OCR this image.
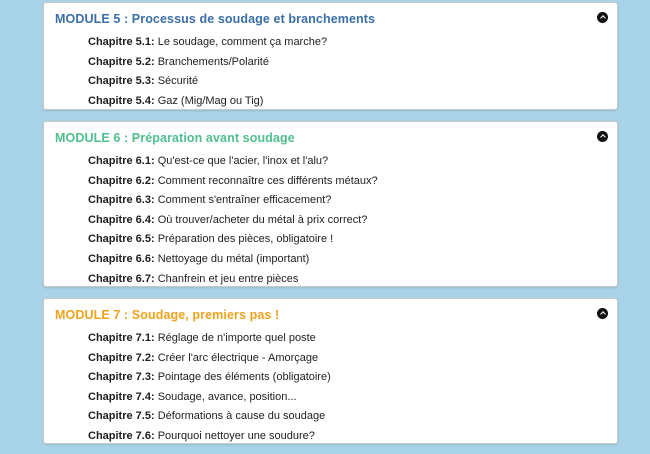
MODULE 5 : Processus de soudage et branchements
Chapitre 5.1: Le soudage, comment ça marche?
Chapitre 5.2: Branchements/Polarité
Chapitre 5.3: Sécurité
Chapitre 5.4: Gaz (Mig/Mag ou Tig)
MODULE 6 : Préparation avant soudage
Chapitre 6.1: Qu'est-ce que l'acier, l'inox et l'alu?
Chapitre 6.2: Comment reconnaître ces différents métaux?
Chapitre 6.3: Comment s'entraîner efficacement?
Chapitre 6.4: Où trouver/acheter du métal à prix correct?
Chapitre 6.5: Préparation des pièces, obligatoire !
Chapitre 6.6: Nettoyage du métal (important)
Chapitre 6.7: Chanfrein et jeu entre pièces
MODULE 7 : Soudage, premiers pas !
Chapitre 7.1: Réglage de n'importe quel poste
Chapitre 7.2: Créer l'arc électrique - Amorçage
Chapitre 7.3: Pointage des éléments (obligatoire)
Chapitre 7.4: Soudage, avance, position...
Chapitre 7.5: Déformations à cause du soudage
Chapitre 7.6: Pourquoi nettoyer une soudure?
